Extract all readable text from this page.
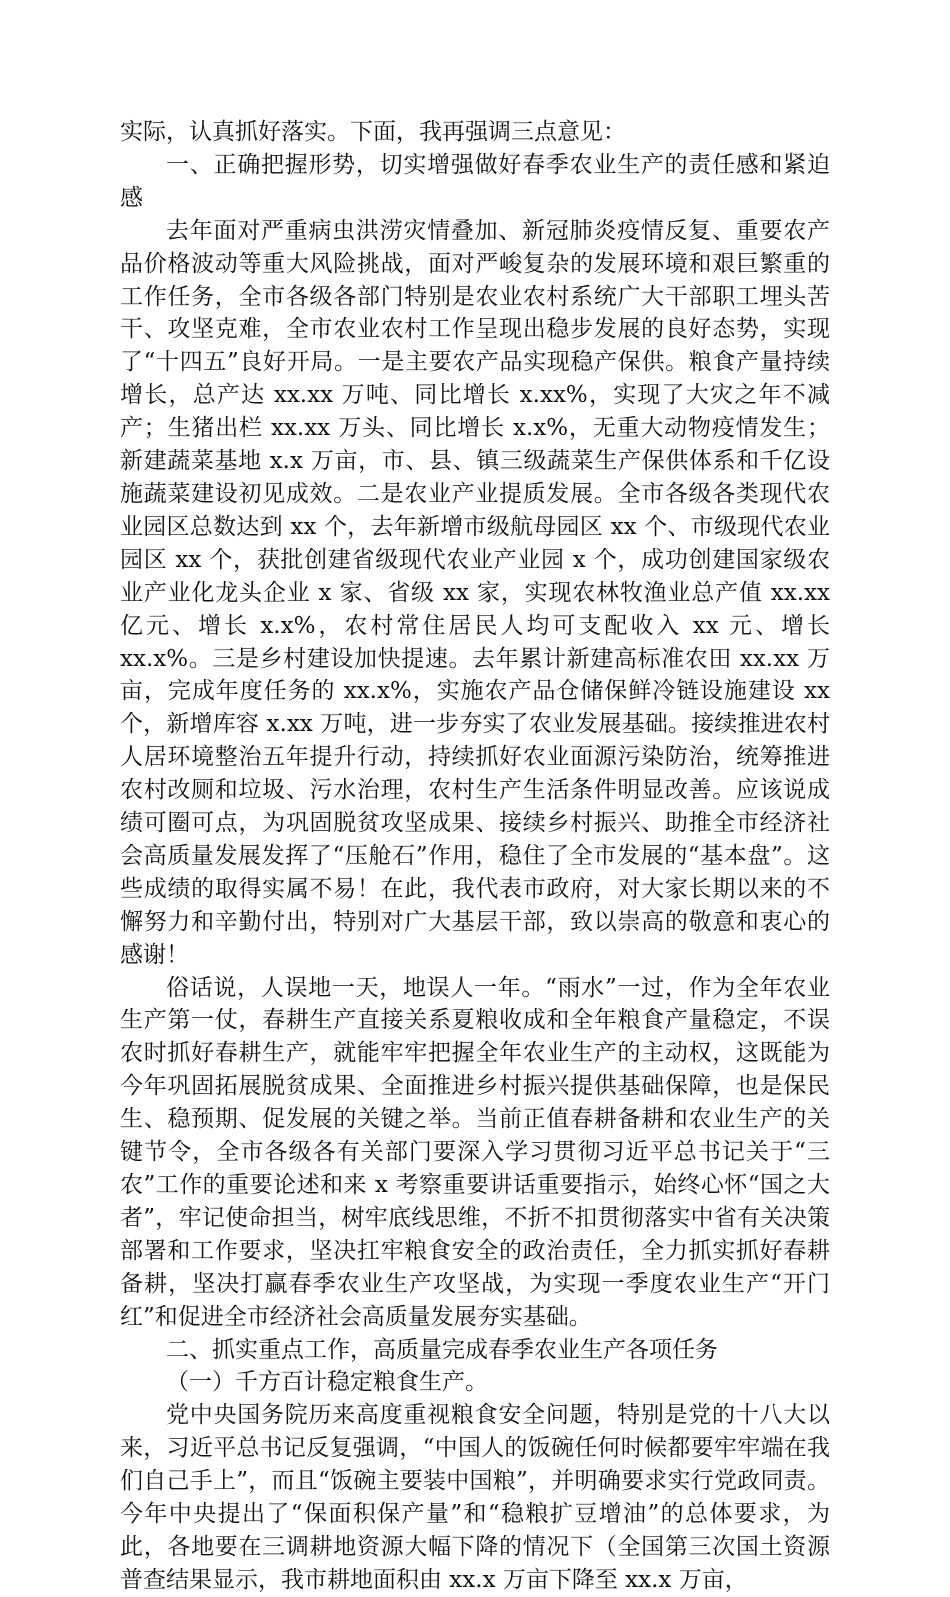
实际，认真抓好落实。下面，我再强调三点意见：

一、正确把握形势，切实增强做好春季农业生产的责任感和紧迫感

去年面对严重病虫洪涝灾情叠加、新冠肺炎疫情反复、重要农产品价格波动等重大风险挑战，面对严峻复杂的发展环境和艰巨繁重的工作任务，全市各级各部门特别是农业农村系统广大干部职工埋头苦干、攻坚克难，全市农业农村工作呈现出稳步发展的良好态势，实现了“十四五”良好开局。一是主要农产品实现稳产保供。粮食产量持续增长，总产达 xx.xx 万吨、同比增长 x.xx%，实现了大灾之年不减产；生猪出栏 xx.xx 万头、同比增长 x.x%，无重大动物疫情发生；新建蔬菜基地 x.x 万亩，市、县、镇三级蔬菜生产保供体系和千亿设施蔬菜建设初见成效。二是农业产业提质发展。全市各级各类现代农业园区总数达到 xx 个，去年新增市级航母园区 xx 个、市级现代农业园区 xx 个，获批创建省级现代农业产业园 x 个，成功创建国家级农业产业化龙头企业 x 家、省级 xx 家，实现农林牧渔业总产值 xx.xx 亿元、增长 x.x%，农村常住居民人均可支配收入 xx 元、增长 xx.x%。三是乡村建设加快提速。去年累计新建高标准农田 xx.xx 万亩，完成年度任务的 xx.x%，实施农产品仓储保鲜冷链设施建设 xx 个，新增库容 x.xx 万吨，进一步夯实了农业发展基础。接续推进农村人居环境整治五年提升行动，持续抓好农业面源污染防治，统筹推进农村改厕和垃圾、污水治理，农村生产生活条件明显改善。应该说成绩可圈可点，为巩固脱贫攻坚成果、接续乡村振兴、助推全市经济社会高质量发展发挥了“压舱石”作用，稳住了全市发展的“基本盘”。这些成绩的取得实属不易！在此，我代表市政府，对大家长期以来的不懈努力和辛勤付出，特别对广大基层干部，致以崇高的敬意和衷心的感谢！

俗话说，人误地一天，地误人一年。“雨水”一过，作为全年农业生产第一仗，春耕生产直接关系夏粮收成和全年粮食产量稳定，不误农时抓好春耕生产，就能牢牢把握全年农业生产的主动权，这既能为今年巩固拓展脱贫成果、全面推进乡村振兴提供基础保障，也是保民生、稳预期、促发展的关键之举。当前正值春耕备耕和农业生产的关键节令，全市各级各有关部门要深入学习贯彻习近平总书记关于“三农”工作的重要论述和来 x 考察重要讲话重要指示，始终心怀“国之大者”，牢记使命担当，树牢底线思维，不折不扣贯彻落实中省有关决策部署和工作要求，坚决扛牢粮食安全的政治责任，全力抓实抓好春耕备耕，坚决打赢春季农业生产攻坚战，为实现一季度农业生产“开门红”和促进全市经济社会高质量发展夯实基础。

二、抓实重点工作，高质量完成春季农业生产各项任务

（一）千方百计稳定粮食生产。

党中央国务院历来高度重视粮食安全问题，特别是党的十八大以来，习近平总书记反复强调，“中国人的饭碗任何时候都要牢牢端在我们自己手上”，而且“饭碗主要装中国粮”，并明确要求实行党政同责。今年中央提出了“保面积保产量”和“稳粮扩豆增油”的总体要求，为此，各地要在三调耕地资源大幅下降的情况下（全国第三次国土资源普查结果显示，我市耕地面积由 xx.x 万亩下降至 xx.x 万亩，
